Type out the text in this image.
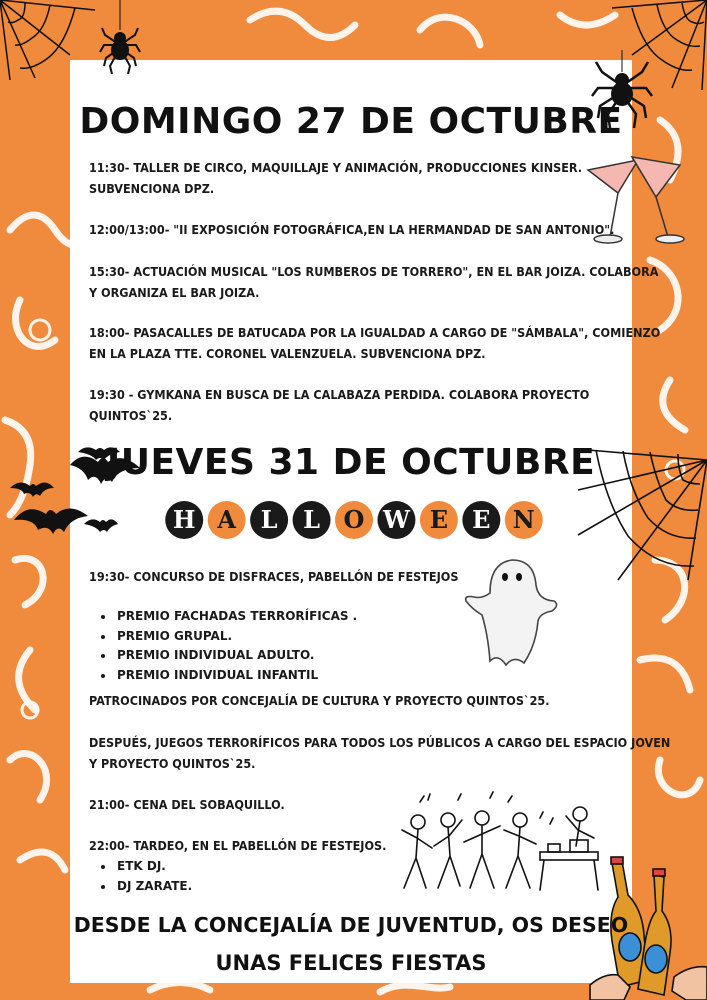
DOMINGO 27 DE OCTUBRE
11:30- TALLER DE CIRCO, MAQUILLAJE Y ANIMACIÓN, PRODUCCIONES KINSER.
SUBVENCIONA DPZ.
12:00/13:00- "II EXPOSICIÓN FOTOGRÁFICA,EN LA HERMANDAD DE SAN ANTONIO".
15:30- ACTUACIÓN MUSICAL "LOS RUMBEROS DE TORRERO", EN EL BAR JOIZA. COLABORA
Y ORGANIZA EL BAR JOIZA.
18:00- PASACALLES DE BATUCADA POR LA IGUALDAD A CARGO DE "SÁMBALA", COMIENZO
EN LA PLAZA TTE. CORONEL VALENZUELA. SUBVENCIONA DPZ.
19:30 - GYMKANA EN BUSCA DE LA CALABAZA PERDIDA. COLABORA PROYECTO
QUINTOS`25.
JUEVES 31 DE OCTUBRE
H A L L O W E E N
19:30- CONCURSO DE DISFRACES, PABELLÓN DE FESTEJOS
• PREMIO FACHADAS TERRORÍFICAS .
• PREMIO GRUPAL.
• PREMIO INDIVIDUAL ADULTO.
• PREMIO INDIVIDUAL INFANTIL
PATROCINADOS POR CONCEJALÍA DE CULTURA Y PROYECTO QUINTOS`25.
DESPUÉS, JUEGOS TERRORÍFICOS PARA TODOS LOS PÚBLICOS A CARGO DEL ESPACIO JOVEN
Y PROYECTO QUINTOS`25.
21:00- CENA DEL SOBAQUILLO.
22:00- TARDEO, EN EL PABELLÓN DE FESTEJOS.
• ETK DJ.
• DJ ZARATE.
DESDE LA CONCEJALÍA DE JUVENTUD, OS DESEO
UNAS FELICES FIESTAS
